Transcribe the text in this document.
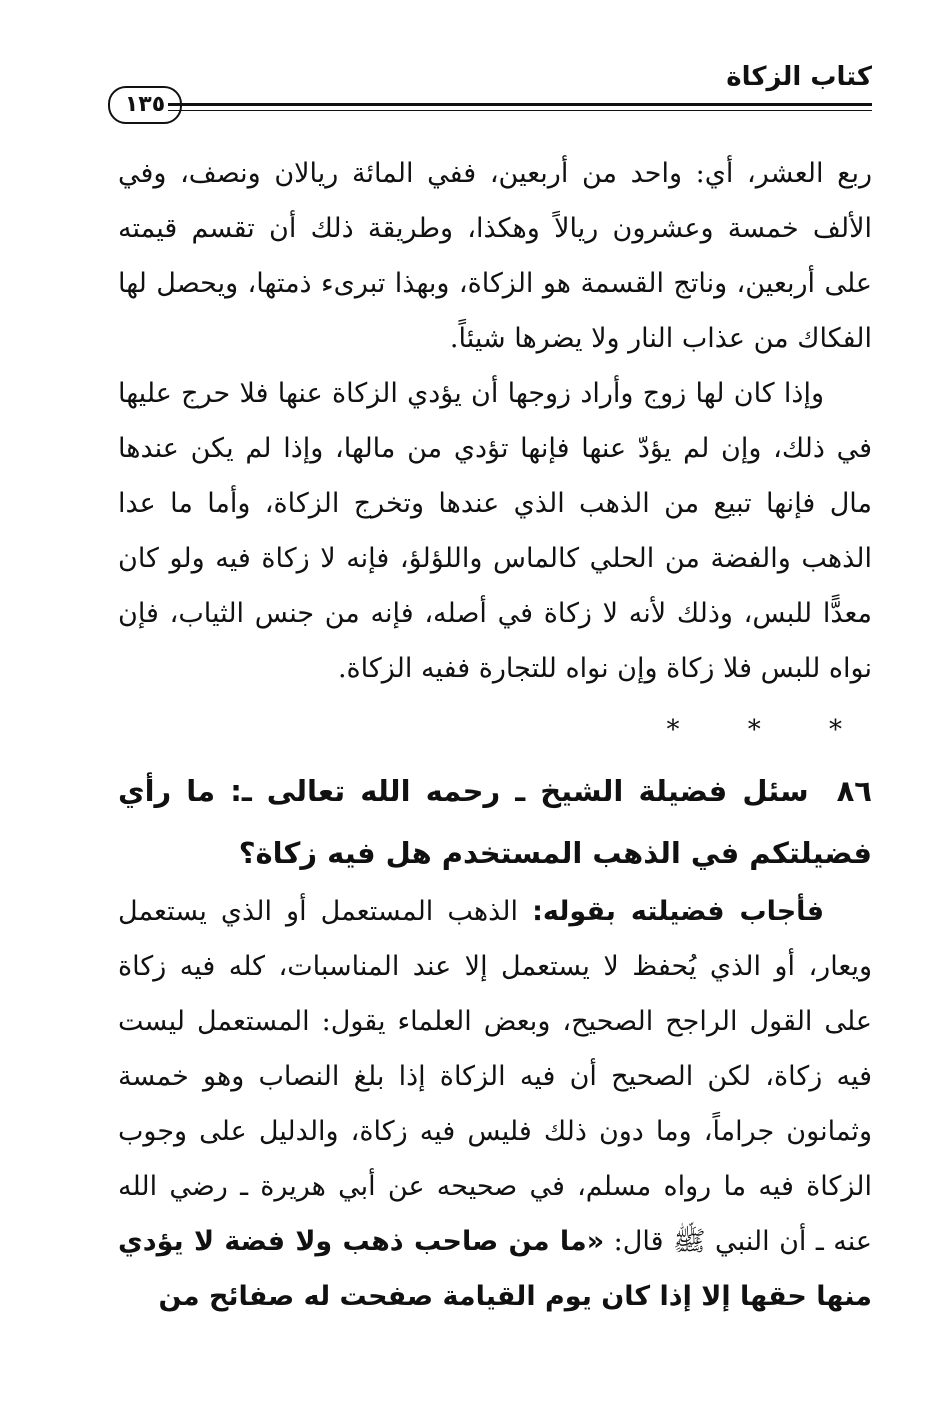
كتاب الزكاة
١٣٥

ربع العشر، أي: واحد من أربعين، ففي المائة ريالان ونصف، وفي الألف خمسة وعشرون ريالاً وهكذا، وطريقة ذلك أن تقسم قيمته على أربعين، وناتج القسمة هو الزكاة، وبهذا تبرىء ذمتها، ويحصل لها الفكاك من عذاب النار ولا يضرها شيئاً.

وإذا كان لها زوج وأراد زوجها أن يؤدي الزكاة عنها فلا حرج عليها في ذلك، وإن لم يؤدّ عنها فإنها تؤدي من مالها، وإذا لم يكن عندها مال فإنها تبيع من الذهب الذي عندها وتخرج الزكاة، وأما ما عدا الذهب والفضة من الحلي كالماس واللؤلؤ، فإنه لا زكاة فيه ولو كان معدًّا للبس، وذلك لأنه لا زكاة في أصله، فإنه من جنس الثياب، فإن نواه للبس فلا زكاة وإن نواه للتجارة ففيه الزكاة.

* * *

٨٦سئل فضيلة الشيخ ـ رحمه الله تعالى ـ: ما رأي فضيلتكم في الذهب المستخدم هل فيه زكاة؟

فأجاب فضيلته بقوله: الذهب المستعمل أو الذي يستعمل ويعار، أو الذي يُحفظ لا يستعمل إلا عند المناسبات، كله فيه زكاة على القول الراجح الصحيح، وبعض العلماء يقول: المستعمل ليست فيه زكاة، لكن الصحيح أن فيه الزكاة إذا بلغ النصاب وهو خمسة وثمانون جراماً، وما دون ذلك فليس فيه زكاة، والدليل على وجوب الزكاة فيه ما رواه مسلم، في صحيحه عن أبي هريرة ـ رضي الله عنه ـ أن النبي ﷺ قال: «ما من صاحب ذهب ولا فضة لا يؤدي منها حقها إلا إذا كان يوم القيامة صفحت له صفائح من
